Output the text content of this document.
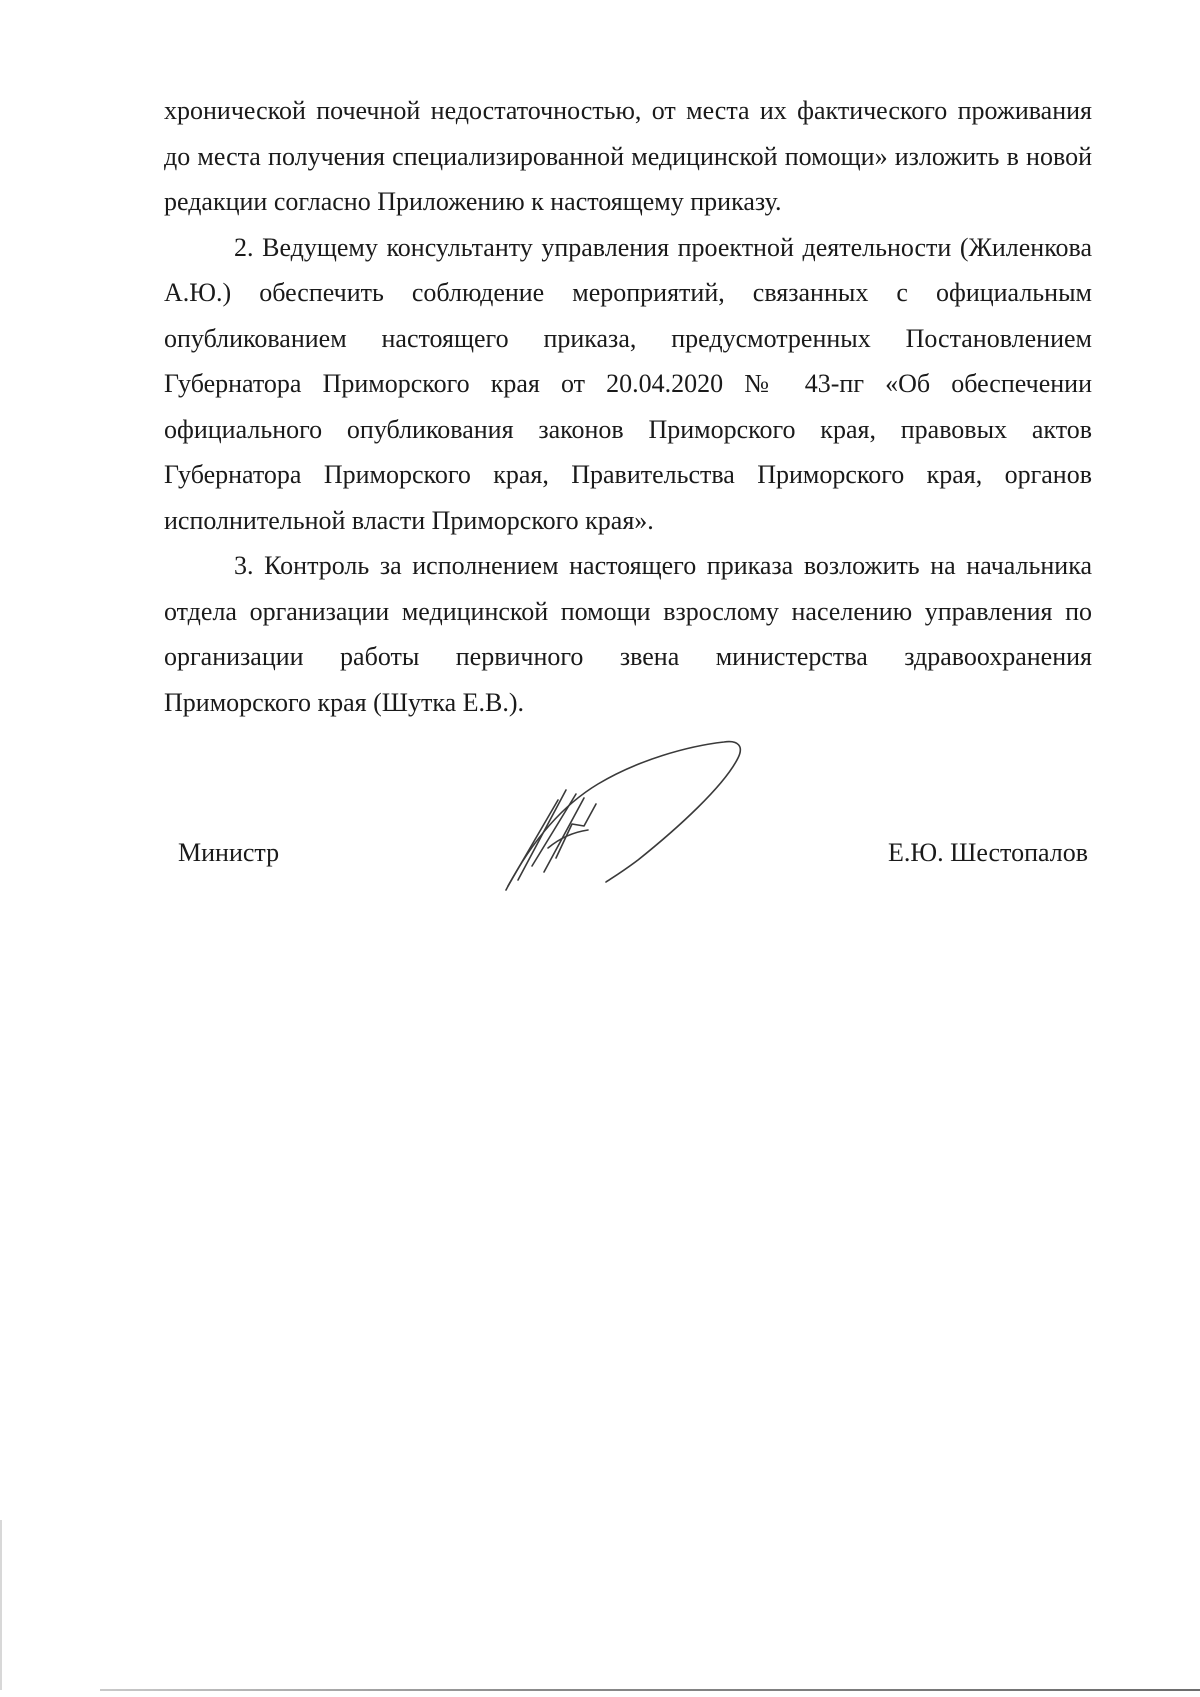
хронической почечной недостаточностью, от места их фактического проживания до места получения специализированной медицинской помощи» изложить в новой редакции согласно Приложению к настоящему приказу.

2. Ведущему консультанту управления проектной деятельности (Жиленкова А.Ю.) обеспечить соблюдение мероприятий, связанных с официальным опубликованием настоящего приказа, предусмотренных Постановлением Губернатора Приморского края от 20.04.2020 № 43-пг «Об обеспечении официального опубликования законов Приморского края, правовых актов Губернатора Приморского края, Правительства Приморского края, органов исполнительной власти Приморского края».

3. Контроль за исполнением настоящего приказа возложить на начальника отдела организации медицинской помощи взрослому населению управления по организации работы первичного звена министерства здравоохранения Приморского края (Шутка Е.В.).

Министр	Е.Ю. Шестопалов
